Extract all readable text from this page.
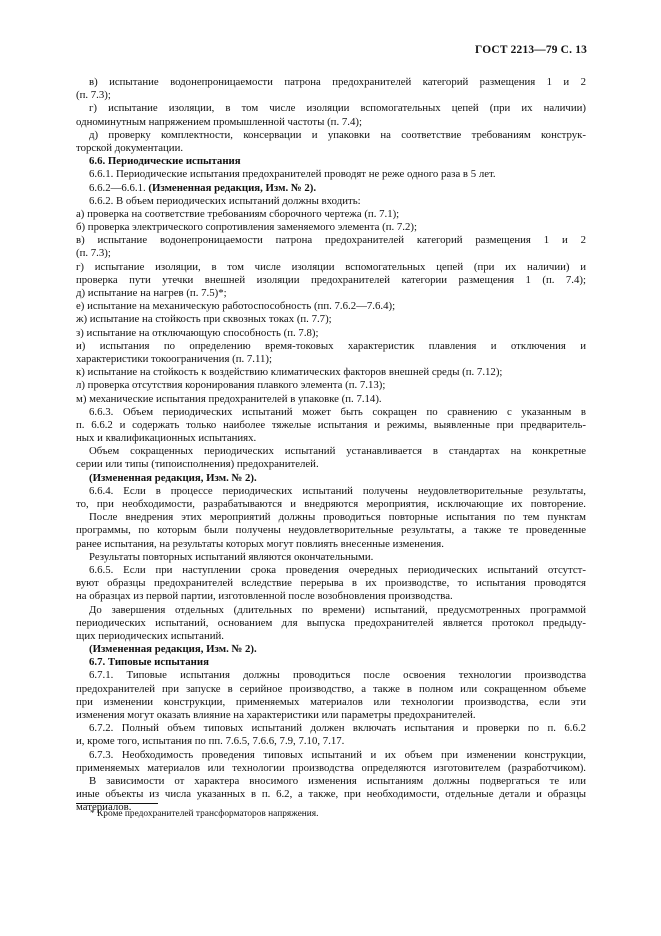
ГОСТ 2213—79 С. 13
в) испытание водонепроницаемости патрона предохранителей категорий размещения 1 и 2
(п. 7.3);
г) испытание изоляции, в том числе изоляции вспомогательных цепей (при их наличии)
одноминутным напряжением промышленной частоты (п. 7.4);
д) проверку комплектности, консервации и упаковки на соответствие требованиям конструк-
торской документации.
6.6. Периодические испытания
6.6.1. Периодические испытания предохранителей проводят не реже одного раза в 5 лет.
6.6.2—6.6.1. (Измененная редакция, Изм. № 2).
6.6.2. В объем периодических испытаний должны входить:
а) проверка на соответствие требованиям сборочного чертежа (п. 7.1);
б) проверка электрического сопротивления заменяемого элемента (п. 7.2);
в) испытание водонепроницаемости патрона предохранителей категорий размещения 1 и 2
(п. 7.3);
г) испытание изоляции, в том числе изоляции вспомогательных цепей (при их наличии) и
проверка пути утечки внешней изоляции предохранителей категории размещения 1 (п. 7.4);
д) испытание на нагрев (п. 7.5)*;
е) испытание на механическую работоспособность (пп. 7.6.2—7.6.4);
ж) испытание на стойкость при сквозных токах (п. 7.7);
з) испытание на отключающую способность (п. 7.8);
и) испытания по определению время-токовых характеристик плавления и отключения и
характеристики токоограничения (п. 7.11);
к) испытание на стойкость к воздействию климатических факторов внешней среды (п. 7.12);
л) проверка отсутствия коронирования плавкого элемента (п. 7.13);
м) механические испытания предохранителей в упаковке (п. 7.14).
6.6.3. Объем периодических испытаний может быть сокращен по сравнению с указанным в
п. 6.6.2 и содержать только наиболее тяжелые испытания и режимы, выявленные при предваритель-
ных и квалификационных испытаниях.
Объем сокращенных периодических испытаний устанавливается в стандартах на конкретные
серии или типы (типоисполнения) предохранителей.
(Измененная редакция, Изм. № 2).
6.6.4. Если в процессе периодических испытаний получены неудовлетворительные результаты,
то, при необходимости, разрабатываются и внедряются мероприятия, исключающие их повторение.
После внедрения этих мероприятий должны проводиться повторные испытания по тем пунктам
программы, по которым были получены неудовлетворительные результаты, а также те проведенные
ранее испытания, на результаты которых могут повлиять внесенные изменения.
Результаты повторных испытаний являются окончательными.
6.6.5. Если при наступлении срока проведения очередных периодических испытаний отсутст-
вуют образцы предохранителей вследствие перерыва в их производстве, то испытания проводятся
на образцах из первой партии, изготовленной после возобновления производства.
До завершения отдельных (длительных по времени) испытаний, предусмотренных программой
периодических испытаний, основанием для выпуска предохранителей является протокол предыду-
щих периодических испытаний.
(Измененная редакция, Изм. № 2).
6.7. Типовые испытания
6.7.1. Типовые испытания должны проводиться после освоения технологии производства
предохранителей при запуске в серийное производство, а также в полном или сокращенном объеме
при изменении конструкции, применяемых материалов или технологии производства, если эти
изменения могут оказать влияние на характеристики или параметры предохранителей.
6.7.2. Полный объем типовых испытаний должен включать испытания и проверки по п. 6.6.2
и, кроме того, испытания по пп. 7.6.5, 7.6.6, 7.9, 7.10, 7.17.
6.7.3. Необходимость проведения типовых испытаний и их объем при изменении конструкции,
применяемых материалов или технологии производства определяются изготовителем (разработчиком).
В зависимости от характера вносимого изменения испытаниям должны подвергаться те или
иные объекты из числа указанных в п. 6.2, а также, при необходимости, отдельные детали и образцы
материалов.
* Кроме предохранителей трансформаторов напряжения.
